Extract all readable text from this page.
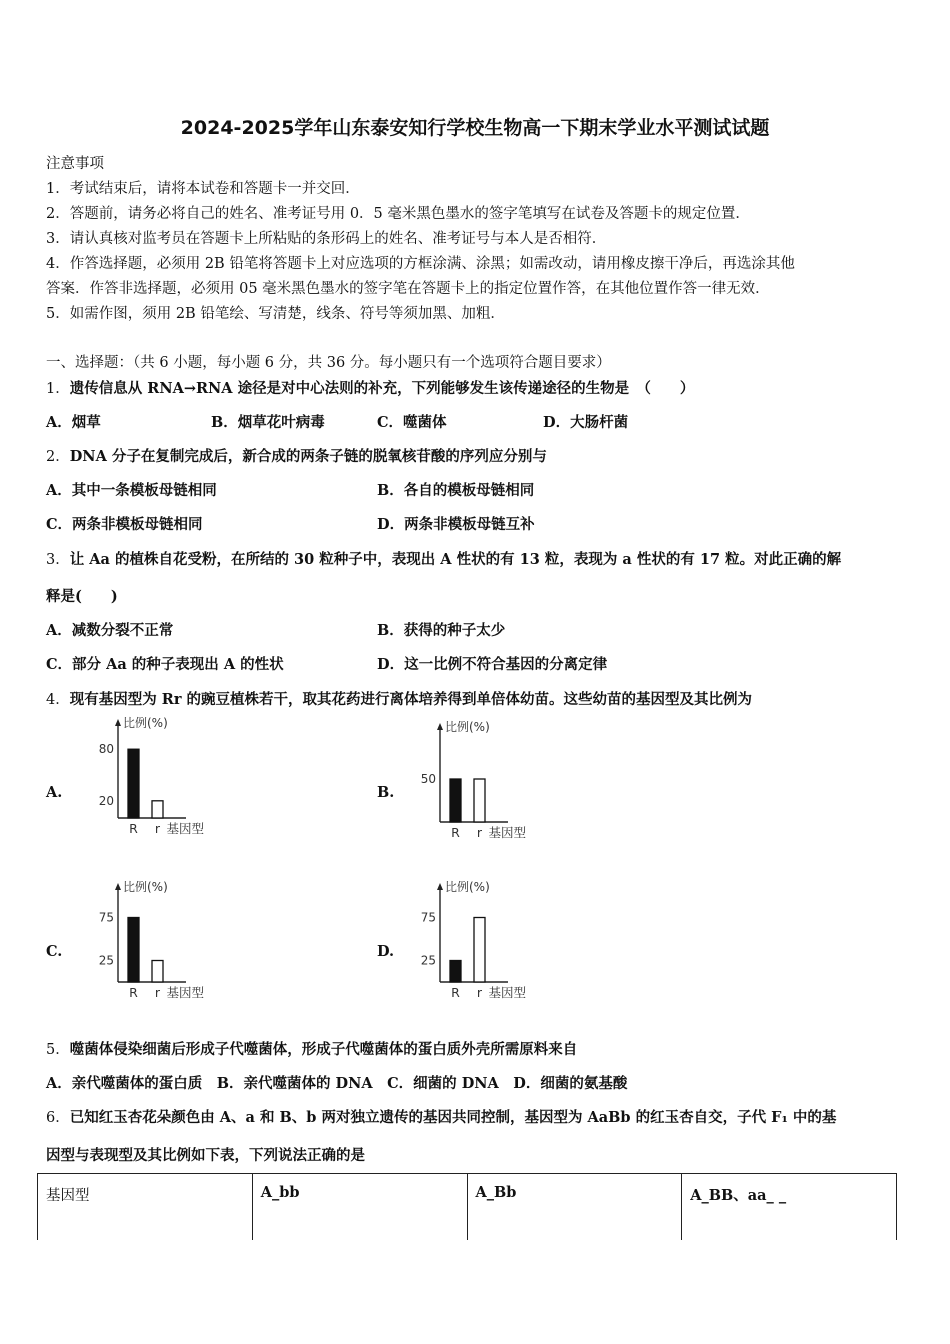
2024-2025学年山东泰安知行学校生物高一下期末学业水平测试试题
注意事项
1．考试结束后，请将本试卷和答题卡一并交回．
2．答题前，请务必将自己的姓名、准考证号用 0．5 毫米黑色墨水的签字笔填写在试卷及答题卡的规定位置．
3．请认真核对监考员在答题卡上所粘贴的条形码上的姓名、准考证号与本人是否相符．
4．作答选择题，必须用 2B 铅笔将答题卡上对应选项的方框涂满、涂黑；如需改动，请用橡皮擦干净后，再选涂其他
答案．作答非选择题，必须用 05 毫米黑色墨水的签字笔在答题卡上的指定位置作答，在其他位置作答一律无效．
5．如需作图，须用 2B 铅笔绘、写清楚，线条、符号等须加黑、加粗．
一、选择题：（共 6 小题，每小题 6 分，共 36 分。每小题只有一个选项符合题目要求）
1．遗传信息从 RNA→RNA 途径是对中心法则的补充，下列能够发生该传递途径的生物是　（　　）
A．烟草	B．烟草花叶病毒	C．噬菌体	D．大肠杆菌
2．DNA 分子在复制完成后，新合成的两条子链的脱氧核苷酸的序列应分别与
A．其中一条模板母链相同	B．各自的模板母链相同
C．两条非模板母链相同	D．两条非模板母链互补
3．让 Aa 的植株自花受粉，在所结的 30 粒种子中，表现出 A 性状的有 13 粒，表现为 a 性状的有 17 粒。对此正确的解
释是(　　)
A．减数分裂不正常	B．获得的种子太少
C．部分 Aa 的种子表现出 A 的性状	D．这一比例不符合基因的分离定律
4．现有基因型为 Rr 的豌豆植株若干，取其花药进行离体培养得到单倍体幼苗。这些幼苗的基因型及其比例为
A.	B.
C.	D.
比例(%)
80
20
R r 基因型
比例(%)
50
R r 基因型
比例(%)
75
25
R r 基因型
比例(%)
75
25
R r 基因型
5．噬菌体侵染细菌后形成子代噬菌体，形成子代噬菌体的蛋白质外壳所需原料来自
A．亲代噬菌体的蛋白质　B．亲代噬菌体的 DNA　C．细菌的 DNA　D．细菌的氨基酸
6．已知红玉杏花朵颜色由 A、a 和 B、b 两对独立遗传的基因共同控制，基因型为 AaBb 的红玉杏自交，子代 F₁ 中的基
因型与表现型及其比例如下表，下列说法正确的是
基因型	A_bb	A_Bb	A_BB、aa_ _
